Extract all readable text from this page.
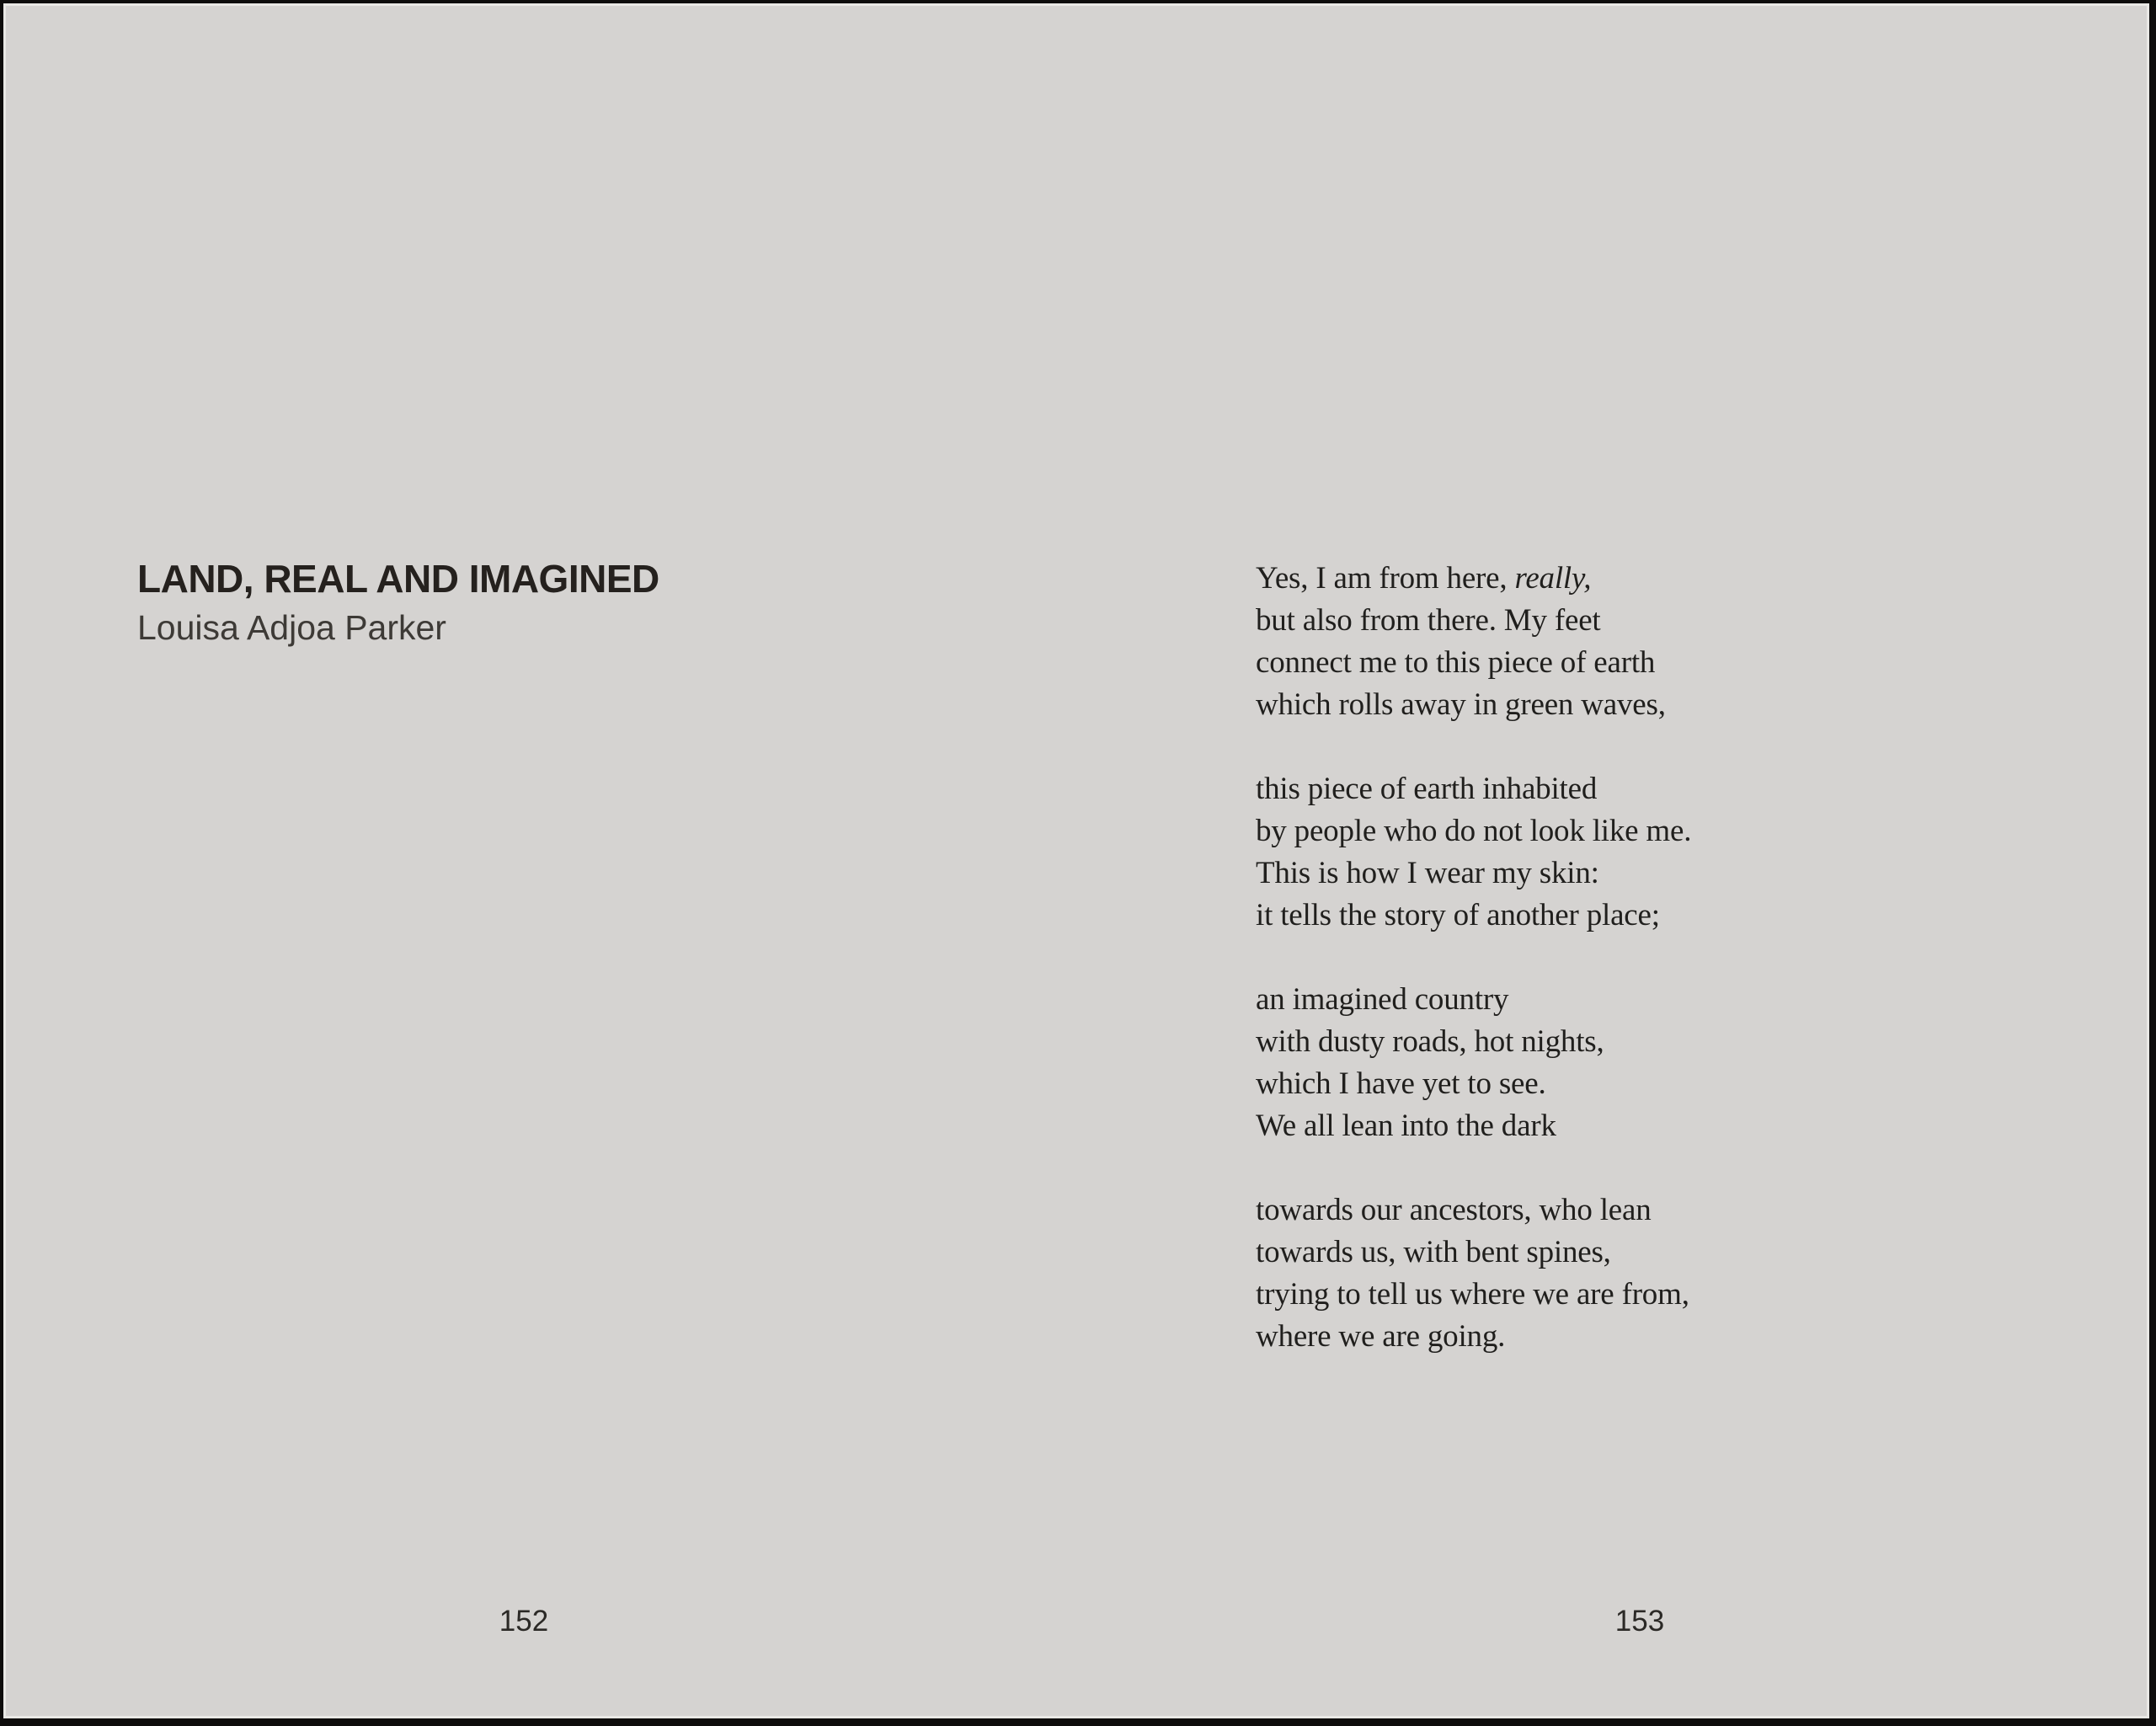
LAND, REAL AND IMAGINED

Louisa Adjoa Parker

152
Yes, I am from here, really,
but also from there. My feet
connect me to this piece of earth
which rolls away in green waves,
this piece of earth inhabited
by people who do not look like me.
This is how I wear my skin:
it tells the story of another place;
an imagined country
with dusty roads, hot nights,
which I have yet to see.
We all lean into the dark
towards our ancestors, who lean
towards us, with bent spines,
trying to tell us where we are from,
where we are going.
153
